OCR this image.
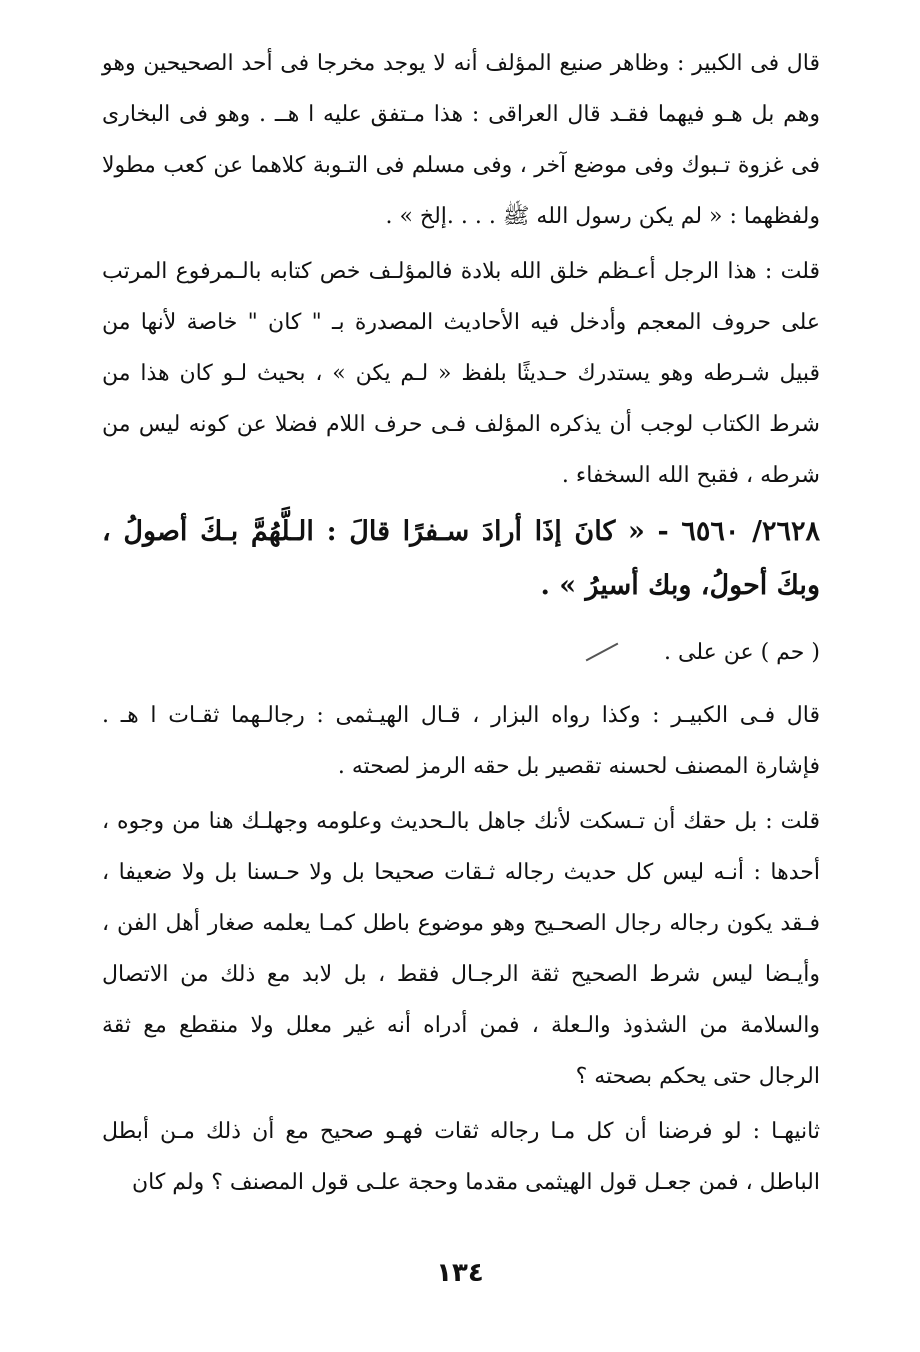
قال فى الكبير : وظاهر صنيع المؤلف أنه لا يوجد مخرجا فى أحد الصحيحين وهو وهم بل هـو فيهما فقـد قال العراقى : هذا مـتفق عليه ا هــ . وهو فى البخارى فى غزوة تـبوك وفى موضع آخر ، وفى مسلم فى التـوبة كلاهما عن كعب مطولا ولفظهما : « لم يكن رسول الله ﷺ . . . .إلخ » .

قلت : هذا الرجل أعـظم خلق الله بلادة فالمؤلـف خص كتابه بالـمرفوع المرتب على حروف المعجم وأدخل فيه الأحاديث المصدرة بـ " كان " خاصة لأنها من قبيل شـرطه وهو يستدرك حـديثًا بلفظ « لـم يكن » ، بحيث لـو كان هذا من شرط الكتاب لوجب أن يذكره المؤلف فـى حرف اللام فضلا عن كونه ليس من شرطه ، فقبح الله السخفاء .

٢٦٢٨/ ٦٥٦٠ - « كانَ إذَا أرادَ سـفرًا قالَ : الـلَّهُمَّ بـكَ أصولُ ، وبكَ أحولُ، وبك أسيرُ » .

( حم ) عن على .

قال فـى الكبيـر : وكذا رواه البزار ، قـال الهيـثمى : رجالـهما ثقـات ا هـ . فإشارة المصنف لحسنه تقصير بل حقه الرمز لصحته .

قلت : بل حقك أن تـسكت لأنك جاهل بالـحديث وعلومه وجهلـك هنا من وجوه ، أحدها : أنـه ليس كل حديث رجاله ثـقات صحيحا بل ولا حـسنا بل ولا ضعيفا ، فـقد يكون رجاله رجال الصحـيح وهو موضوع باطل كمـا يعلمه صغار أهل الفن ، وأيـضا ليس شرط الصحيح ثقة الرجـال فقط ، بل لابد مع ذلك من الاتصال والسلامة من الشذوذ والـعلة ، فمن أدراه أنه غير معلل ولا منقطع مع ثقة الرجال حتى يحكم بصحته ؟

ثانيهـا : لو فرضنا أن كل مـا رجاله ثقات فهـو صحيح مع أن ذلك مـن أبطل الباطل ، فمن جعـل قول الهيثمى مقدما وحجة علـى قول المصنف ؟ ولم كان

١٣٤
